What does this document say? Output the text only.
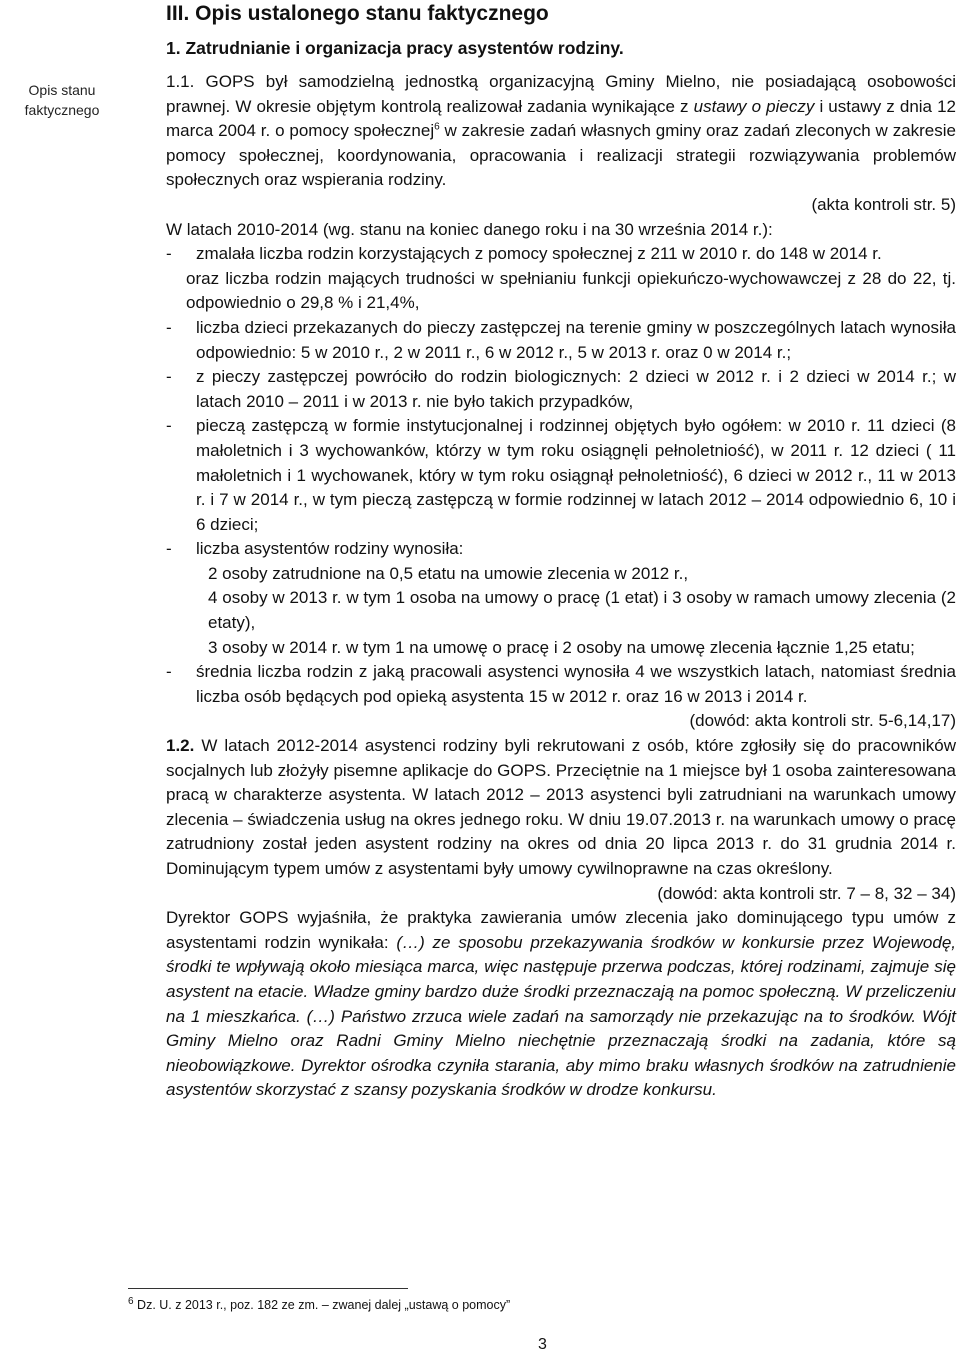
III. Opis ustalonego stanu faktycznego
1. Zatrudnianie i organizacja pracy asystentów rodziny.
Opis stanu faktycznego

1.1. GOPS był samodzielną jednostką organizacyjną Gminy Mielno, nie posiadającą osobowości prawnej. W okresie objętym kontrolą realizował zadania wynikające z ustawy o pieczy i ustawy z dnia 12 marca 2004 r. o pomocy społecznej$^6$ w zakresie zadań własnych gminy oraz zadań zleconych w zakresie pomocy społecznej, koordynowania, opracowania i realizacji strategii rozwiązywania problemów społecznych oraz wspierania rodziny.

(akta kontroli str. 5)

W latach 2010-2014 (wg. stanu na koniec danego roku i na 30 września 2014 r.):

- zmalała liczba rodzin korzystających z pomocy społecznej z 211 w 2010 r. do 148 w 2014 r.

oraz liczba rodzin mających trudności w spełnianiu funkcji opiekuńczo-wychowawczej z 28 do 22, tj. odpowiednio o 29,8 % i 21,4%,

- liczba dzieci przekazanych do pieczy zastępczej na terenie gminy w poszczególnych latach wynosiła odpowiednio: 5 w 2010 r., 2 w 2011 r., 6 w 2012 r., 5 w 2013 r. oraz 0 w 2014 r.;

- z pieczy zastępczej powróciło do rodzin biologicznych: 2 dzieci w 2012 r. i 2 dzieci w 2014 r.; w latach 2010 – 2011 i w 2013 r. nie było takich przypadków,

- pieczą zastępczą w formie instytucjonalnej i rodzinnej objętych było ogółem: w 2010 r. 11 dzieci (8 małoletnich i 3 wychowanków, którzy w tym roku osiągnęli pełnoletniość), w 2011 r. 12 dzieci ( 11 małoletnich i 1 wychowanek, który w tym roku osiągnął pełnoletniość), 6 dzieci w 2012 r., 11 w 2013 r. i 7 w 2014 r., w tym pieczą zastępczą w formie rodzinnej w latach 2012 – 2014 odpowiednio 6, 10 i 6 dzieci;

- liczba asystentów rodziny wynosiła:

2 osoby zatrudnione na 0,5 etatu na umowie zlecenia w 2012 r.,

4 osoby w 2013 r. w tym 1 osoba na umowy o pracę (1 etat) i 3 osoby w ramach umowy zlecenia (2 etaty),

3 osoby w 2014 r. w tym 1 na umowę o pracę i 2 osoby na umowę zlecenia łącznie 1,25 etatu;

- średnia liczba rodzin z jaką pracowali asystenci wynosiła 4 we wszystkich latach, natomiast średnia liczba osób będących pod opieką asystenta 15 w 2012 r. oraz 16 w 2013 i 2014 r.

(dowód: akta kontroli str. 5-6,14,17)

1.2. W latach 2012-2014 asystenci rodziny byli rekrutowani z osób, które zgłosiły się do pracowników socjalnych lub złożyły pisemne aplikacje do GOPS. Przeciętnie na 1 miejsce był 1 osoba zainteresowana pracą w charakterze asystenta. W latach 2012 – 2013 asystenci byli zatrudniani na warunkach umowy zlecenia – świadczenia usług na okres jednego roku. W dniu 19.07.2013 r. na warunkach umowy o pracę zatrudniony został jeden asystent rodziny na okres od dnia 20 lipca 2013 r. do 31 grudnia 2014 r. Dominującym typem umów z asystentami były umowy cywilnoprawne na czas określony.

(dowód: akta kontroli str. 7 – 8, 32 – 34)

Dyrektor GOPS wyjaśniła, że praktyka zawierania umów zlecenia jako dominującego typu umów z asystentami rodzin wynikała: (…) ze sposobu przekazywania środków w konkursie przez Wojewodę, środki te wpływają około miesiąca marca, więc następuje przerwa podczas, której rodzinami, zajmuje się asystent na etacie. Władze gminy bardzo duże środki przeznaczają na pomoc społeczną. W przeliczeniu na 1 mieszkańca. (…) Państwo zrzuca wiele zadań na samorządy nie przekazując na to środków. Wójt Gminy Mielno oraz Radni Gminy Mielno niechętnie przeznaczają środki na zadania, które są nieobowiązkowe. Dyrektor ośrodka czyniła starania, aby mimo braku własnych środków na zatrudnienie asystentów skorzystać z szansy pozyskania środków w drodze konkursu.

$^6$ Dz. U. z 2013 r., poz. 182 ze zm. – zwanej dalej „ustawą o pomocy”
3
